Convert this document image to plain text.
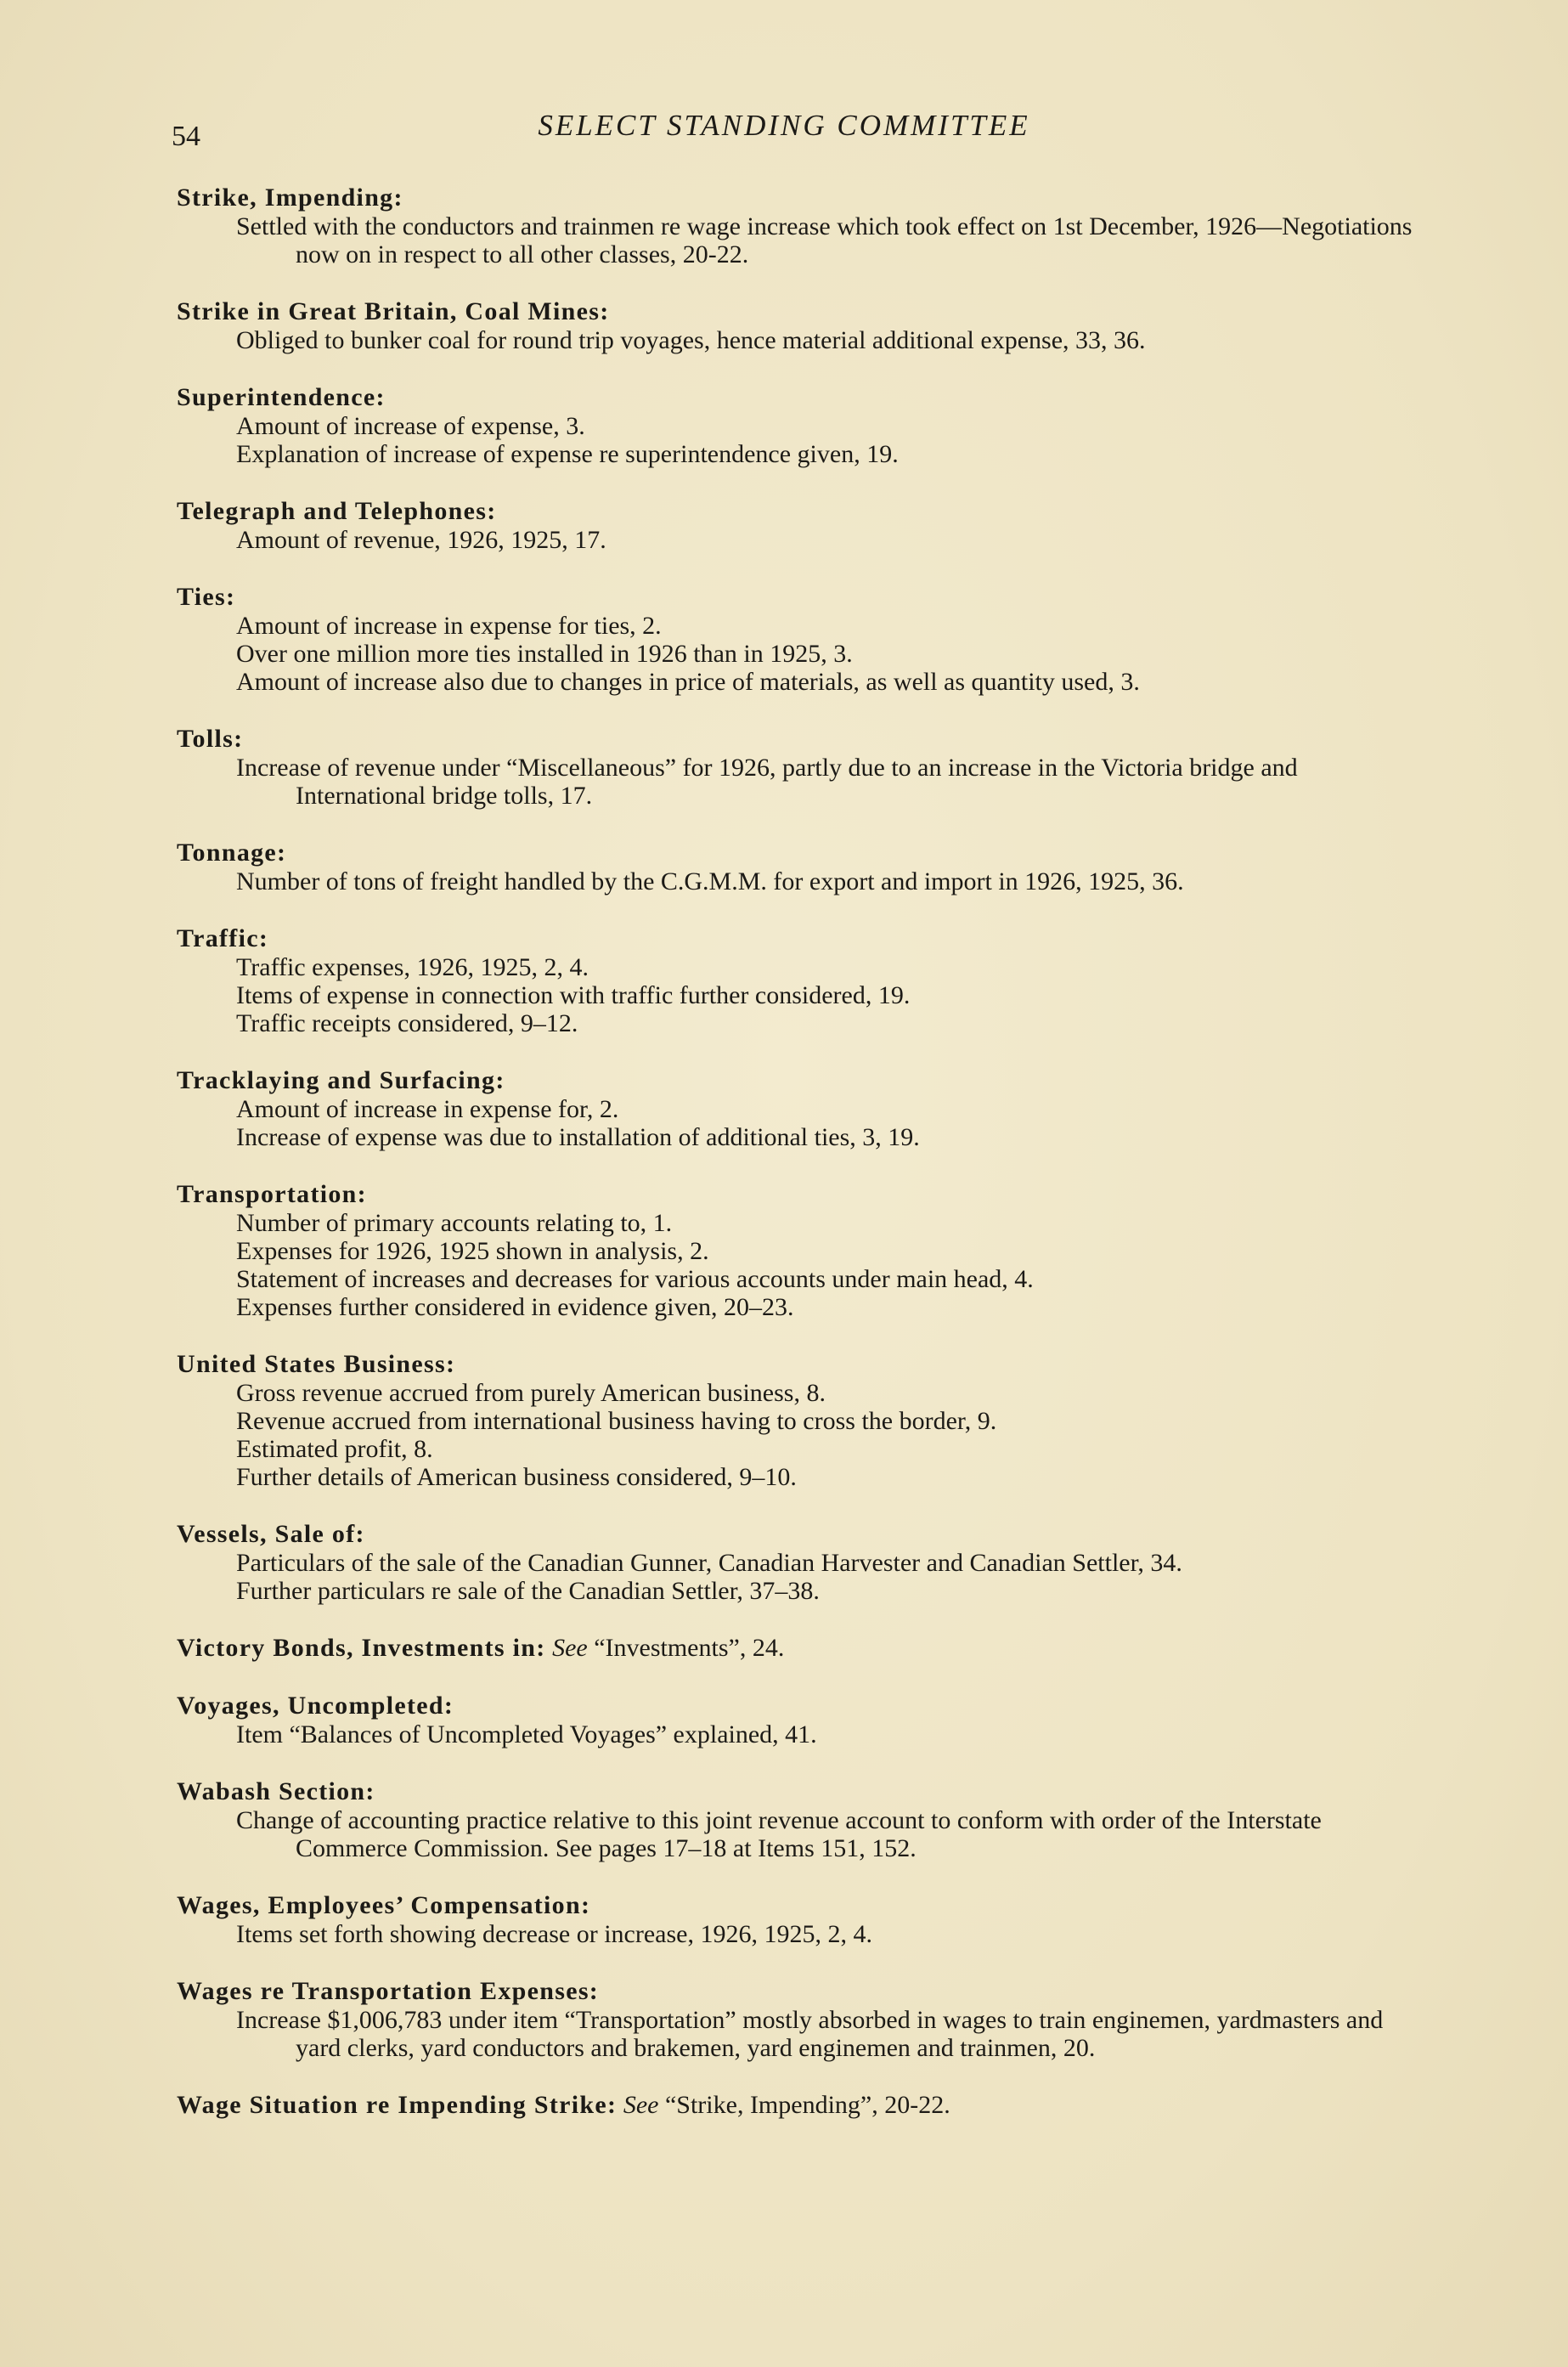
54	SELECT STANDING COMMITTEE
Strike, Impending:
Settled with the conductors and trainmen re wage increase which took effect on 1st December, 1926—Negotiations now on in respect to all other classes, 20-22.
Strike in Great Britain, Coal Mines:
Obliged to bunker coal for round trip voyages, hence material additional expense, 33, 36.
Superintendence:
Amount of increase of expense, 3.
Explanation of increase of expense re superintendence given, 19.
Telegraph and Telephones:
Amount of revenue, 1926, 1925, 17.
Ties:
Amount of increase in expense for ties, 2.
Over one million more ties installed in 1926 than in 1925, 3.
Amount of increase also due to changes in price of materials, as well as quantity used, 3.
Tolls:
Increase of revenue under “Miscellaneous” for 1926, partly due to an increase in the Victoria bridge and International bridge tolls, 17.
Tonnage:
Number of tons of freight handled by the C.G.M.M. for export and import in 1926, 1925, 36.
Traffic:
Traffic expenses, 1926, 1925, 2, 4.
Items of expense in connection with traffic further considered, 19.
Traffic receipts considered, 9–12.
Tracklaying and Surfacing:
Amount of increase in expense for, 2.
Increase of expense was due to installation of additional ties, 3, 19.
Transportation:
Number of primary accounts relating to, 1.
Expenses for 1926, 1925 shown in analysis, 2.
Statement of increases and decreases for various accounts under main head, 4.
Expenses further considered in evidence given, 20–23.
United States Business:
Gross revenue accrued from purely American business, 8.
Revenue accrued from international business having to cross the border, 9.
Estimated profit, 8.
Further details of American business considered, 9–10.
Vessels, Sale of:
Particulars of the sale of the Canadian Gunner, Canadian Harvester and Canadian Settler, 34.
Further particulars re sale of the Canadian Settler, 37–38.
Victory Bonds, Investments in: See “Investments”, 24.
Voyages, Uncompleted:
Item “Balances of Uncompleted Voyages” explained, 41.
Wabash Section:
Change of accounting practice relative to this joint revenue account to conform with order of the Interstate Commerce Commission. See pages 17–18 at Items 151, 152.
Wages, Employees’ Compensation:
Items set forth showing decrease or increase, 1926, 1925, 2, 4.
Wages re Transportation Expenses:
Increase $1,006,783 under item “Transportation” mostly absorbed in wages to train enginemen, yardmasters and yard clerks, yard conductors and brakemen, yard enginemen and trainmen, 20.
Wage Situation re Impending Strike: See “Strike, Impending”, 20-22.
